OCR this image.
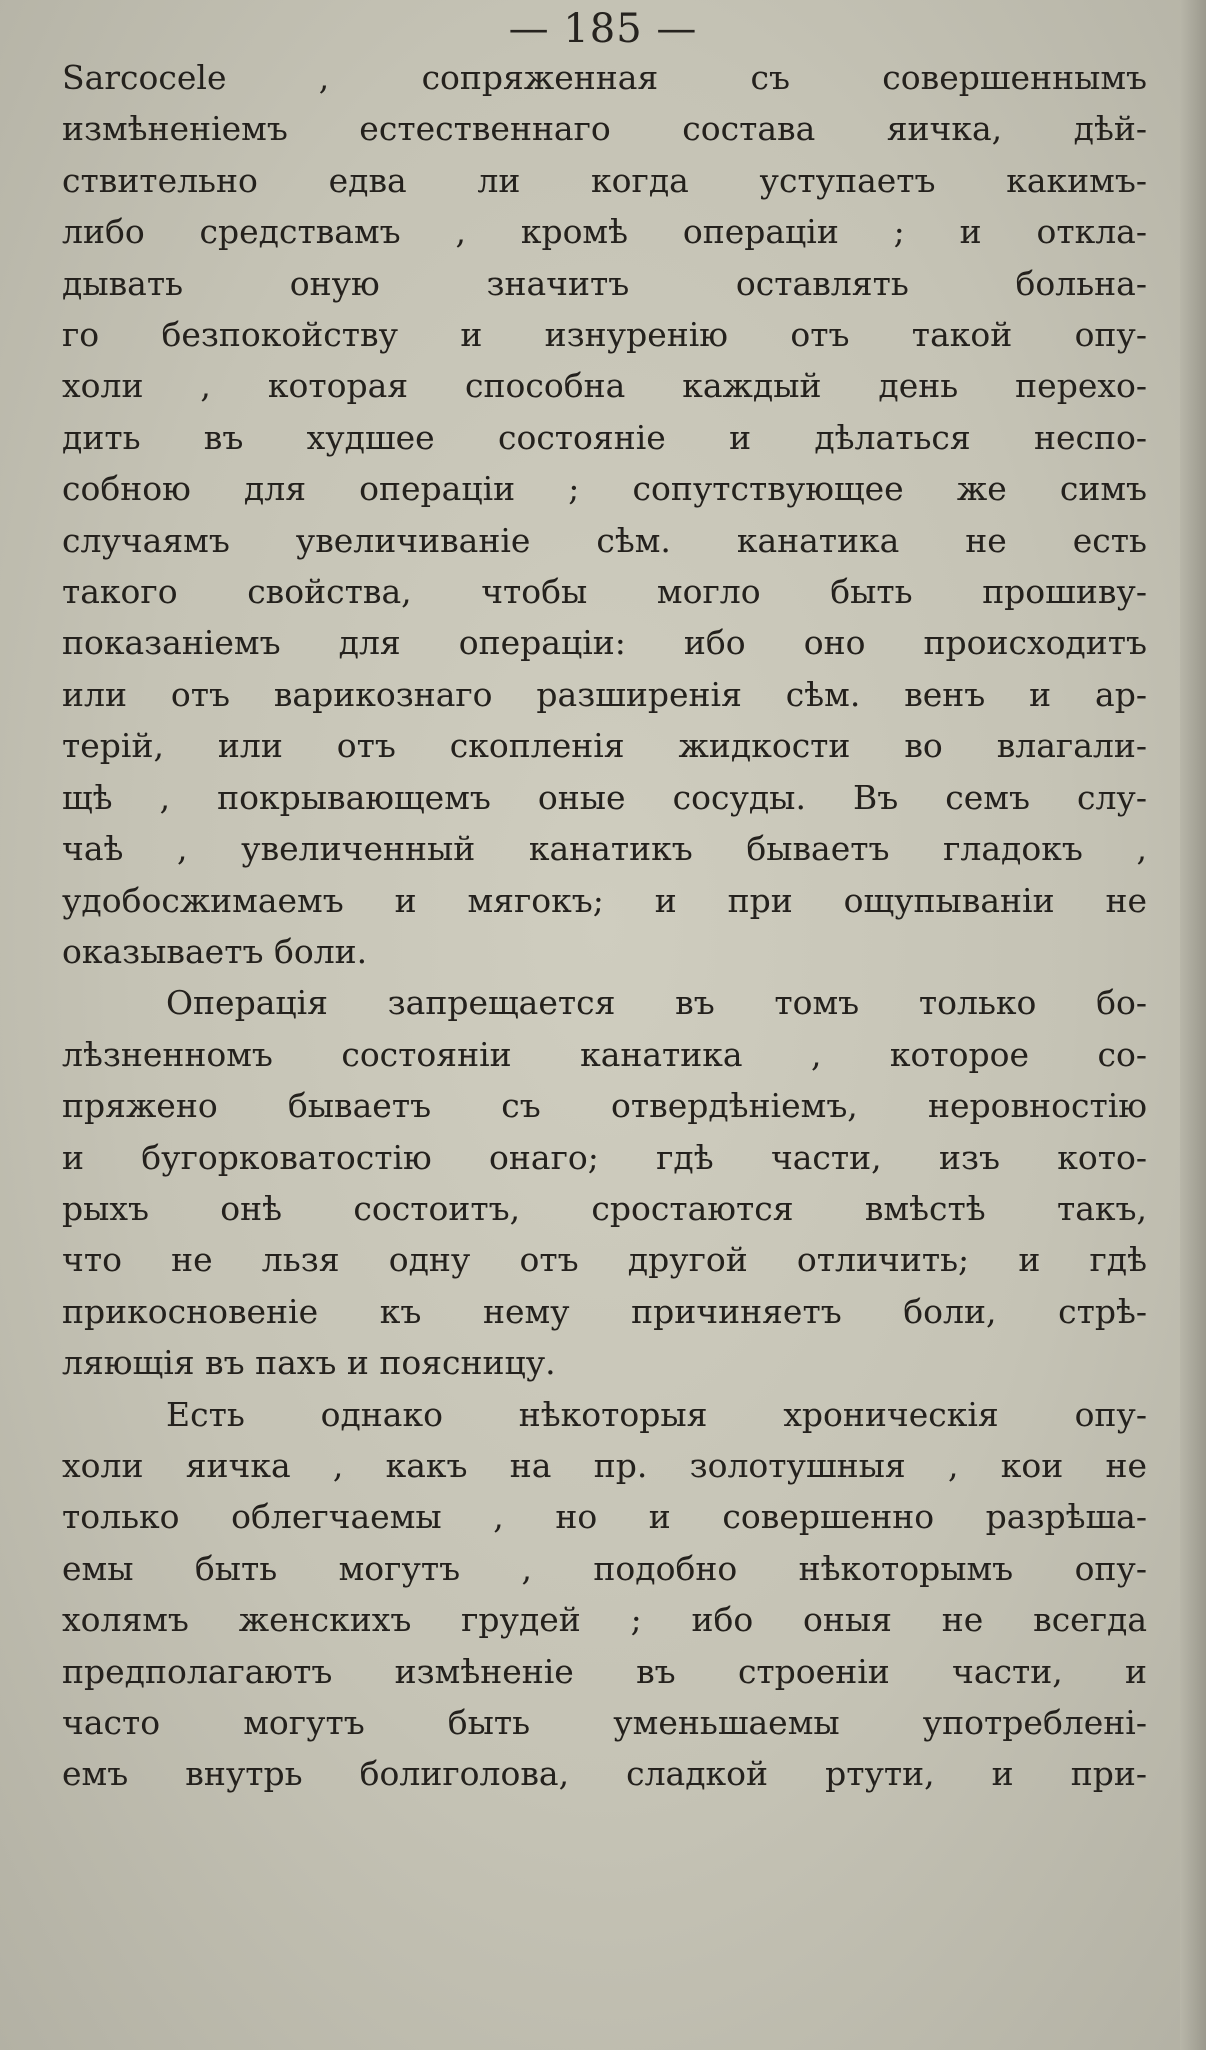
— 185 —
Sarcocele , сопряженная съ совершеннымъ
измѣненіемъ естественнаго состава яичка, дѣй-
ствительно едва ли когда уступаетъ какимъ-
либо средствамъ , кромѣ операціи ; и откла-
дывать оную значитъ оставлять больна-
го безпокойству и изнуренію отъ такой опу-
холи , которая способна каждый день перехо-
дить въ худшее состояніе и дѣлаться неспо-
собною для операціи ; сопутствующее же симъ
случаямъ увеличиваніе сѣм. канатика не есть
такого свойства, чтобы могло быть прошиву-
показаніемъ для операціи: ибо оно происходитъ
или отъ варикознаго разширенія сѣм. венъ и ар-
терій, или отъ скопленія жидкости во влагали-
щѣ , покрывающемъ оные сосуды. Въ семъ слу-
чаѣ , увеличенный канатикъ бываетъ гладокъ ,
удобосжимаемъ и мягокъ; и при ощупываніи не
оказываетъ боли.
Операція запрещается въ томъ только бо-
лѣзненномъ состояніи канатика , которое со-
пряжено бываетъ съ отвердѣніемъ, неровностію
и бугорковатостію онаго; гдѣ части, изъ кото-
рыхъ онѣ состоитъ, сростаются вмѣстѣ такъ,
что не льзя одну отъ другой отличить; и гдѣ
прикосновеніе къ нему причиняетъ боли, стрѣ-
ляющія въ пахъ и поясницу.
Есть однако нѣкоторыя хроническія опу-
холи яичка , какъ на пр. золотушныя , кои не
только облегчаемы , но и совершенно разрѣша-
емы быть могутъ , подобно нѣкоторымъ опу-
холямъ женскихъ грудей ; ибо оныя не всегда
предполагаютъ измѣненіе въ строеніи части, и
часто могутъ быть уменьшаемы употребленi-
емъ внутрь болиголова, сладкой ртути, и при-
